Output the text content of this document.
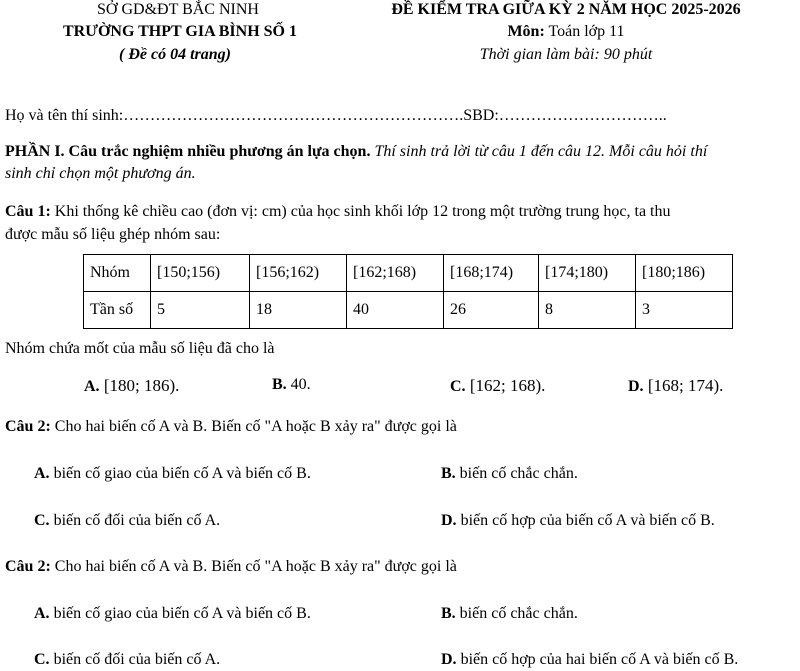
SỞ GD&ĐT BẮC NINH
TRƯỜNG THPT GIA BÌNH SỐ 1
( Đề có 04 trang)
ĐỀ KIỂM TRA GIỮA KỲ 2 NĂM HỌC 2025-2026
Môn: Toán lớp 11
Thời gian làm bài: 90 phút
Họ và tên thí sinh:……………………………………………………….SBD:…………………………..
PHẦN I. Câu trắc nghiệm nhiều phương án lựa chọn. Thí sinh trả lời từ câu 1 đến câu 12. Mỗi câu hỏi thí
sinh chỉ chọn một phương án.
Câu 1: Khi thống kê chiều cao (đơn vị: cm) của học sinh khối lớp 12 trong một trường trung học, ta thu
được mẫu số liệu ghép nhóm sau:
Nhóm	[150;156)	[156;162)	[162;168)	[168;174)	[174;180)	[180;186)
Tần số	5	18	40	26	8	3
Nhóm chứa mốt của mẫu số liệu đã cho là
A. [180; 186).	B. 40.	C. [162; 168).	D. [168; 174).
Câu 2: Cho hai biến cố A và B. Biến cố "A hoặc B xảy ra" được gọi là
A. biến cố giao của biến cố A và biến cố B.	B. biến cố chắc chắn.
C. biến cố đối của biến cố A.	D. biến cố hợp của biến cố A và biến cố B.
Câu 2: Cho hai biến cố A và B. Biến cố "A hoặc B xảy ra" được gọi là
A. biến cố giao của biến cố A và biến cố B.	B. biến cố chắc chắn.
C. biến cố đối của biến cố A.	D. biến cố hợp của hai biến cố A và biến cố B.
